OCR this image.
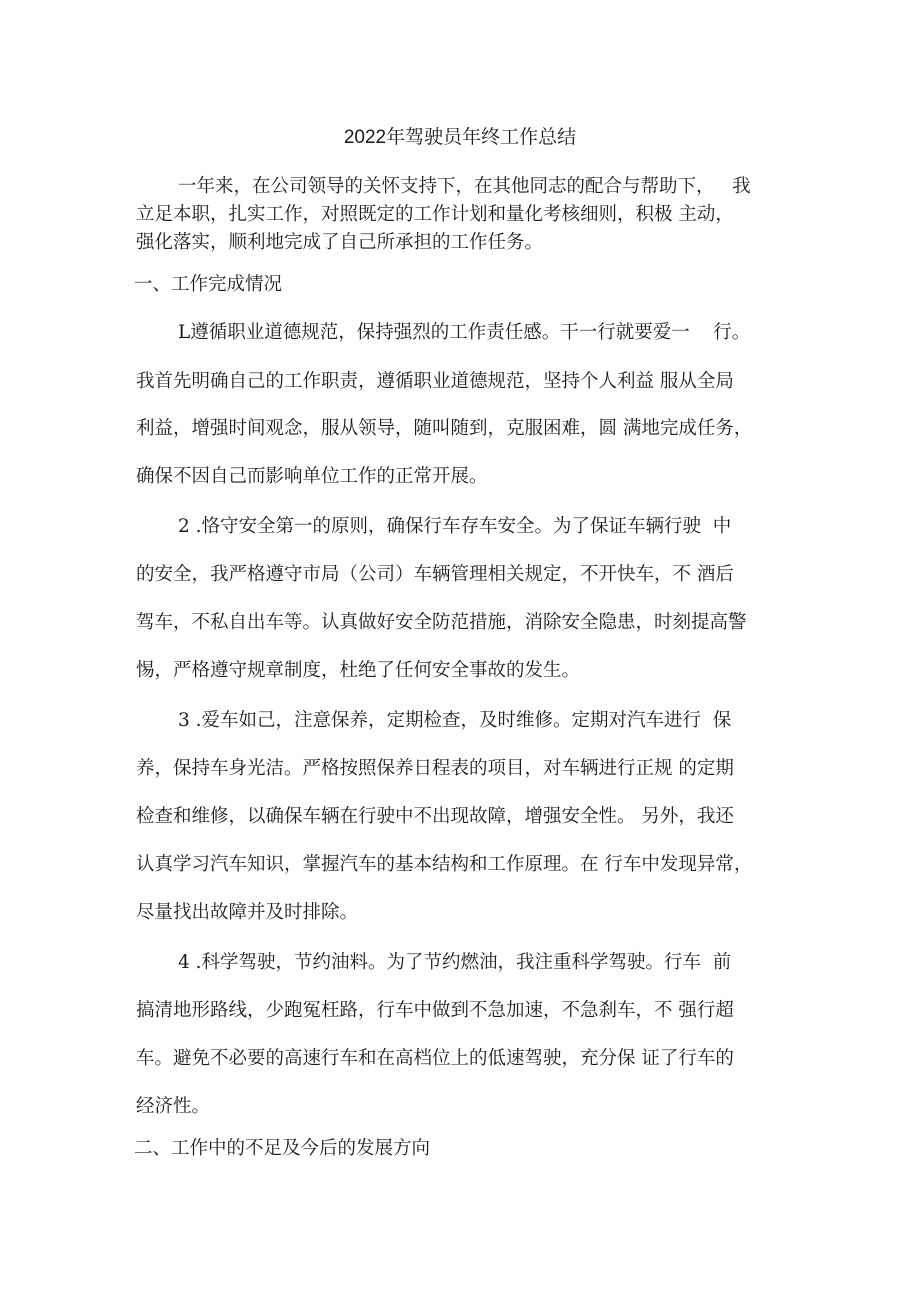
2022年驾驶员年终工作总结

一年来，在公司领导的关怀支持下，在其他同志的配合与帮助下，   我

立足本职，扎实工作，对照既定的工作计划和量化考核细则，积极 主动，

强化落实，顺利地完成了自己所承担的工作任务。

一、工作完成情况

L遵循职业道德规范，保持强烈的工作责任感。干一行就要爱一    行。

我首先明确自己的工作职责，遵循职业道德规范，坚持个人利益 服从全局

利益，增强时间观念，服从领导，随叫随到，克服困难，圆 满地完成任务，

确保不因自己而影响单位工作的正常开展。

2 .恪守安全第一的原则，确保行车存车安全。为了保证车辆行驶  中

的安全，我严格遵守市局（公司）车辆管理相关规定，不开快车，不 酒后

驾车，不私自出车等。认真做好安全防范措施，消除安全隐患，时刻提高警

惕，严格遵守规章制度，杜绝了任何安全事故的发生。

3 .爱车如己，注意保养，定期检查，及时维修。定期对汽车进行  保

养，保持车身光洁。严格按照保养日程表的项目，对车辆进行正规 的定期

检查和维修，以确保车辆在行驶中不出现故障，增强安全性。 另外，我还

认真学习汽车知识，掌握汽车的基本结构和工作原理。在 行车中发现异常，

尽量找出故障并及时排除。

4 .科学驾驶，节约油料。为了节约燃油，我注重科学驾驶。行车  前

搞清地形路线，少跑冤枉路，行车中做到不急加速，不急刹车，不 强行超

车。避免不必要的高速行车和在高档位上的低速驾驶，充分保 证了行车的

经济性。

二、工作中的不足及今后的发展方向
